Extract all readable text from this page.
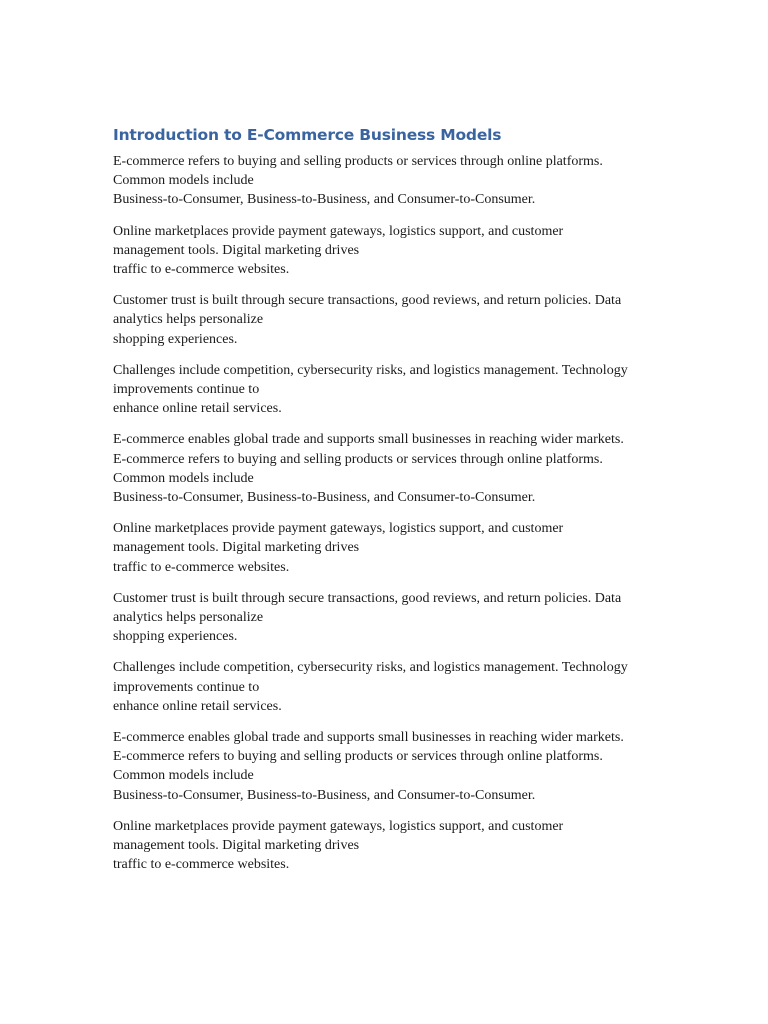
Introduction to E-Commerce Business Models

E-commerce refers to buying and selling products or services through online platforms.
Common models include
Business-to-Consumer, Business-to-Business, and Consumer-to-Consumer.

Online marketplaces provide payment gateways, logistics support, and customer
management tools. Digital marketing drives
traffic to e-commerce websites.

Customer trust is built through secure transactions, good reviews, and return policies. Data
analytics helps personalize
shopping experiences.

Challenges include competition, cybersecurity risks, and logistics management. Technology
improvements continue to
enhance online retail services.

E-commerce enables global trade and supports small businesses in reaching wider markets.
E-commerce refers to buying and selling products or services through online platforms.
Common models include
Business-to-Consumer, Business-to-Business, and Consumer-to-Consumer.

Online marketplaces provide payment gateways, logistics support, and customer
management tools. Digital marketing drives
traffic to e-commerce websites.

Customer trust is built through secure transactions, good reviews, and return policies. Data
analytics helps personalize
shopping experiences.

Challenges include competition, cybersecurity risks, and logistics management. Technology
improvements continue to
enhance online retail services.

E-commerce enables global trade and supports small businesses in reaching wider markets.
E-commerce refers to buying and selling products or services through online platforms.
Common models include
Business-to-Consumer, Business-to-Business, and Consumer-to-Consumer.

Online marketplaces provide payment gateways, logistics support, and customer
management tools. Digital marketing drives
traffic to e-commerce websites.
